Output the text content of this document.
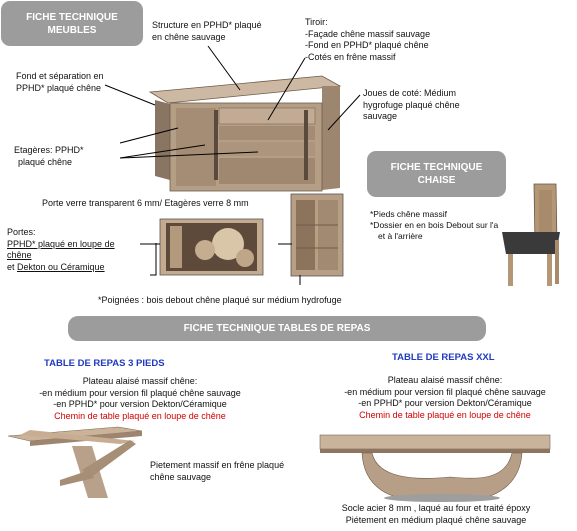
FICHE TECHNIQUE
MEUBLES
FICHE TECHNIQUE
CHAISE
FICHE TECHNIQUE TABLES DE REPAS
Structure en PPHD* plaqué
en chêne sauvage
Tiroir:
-Façade chêne massif sauvage
-Fond en PPHD* plaqué chêne
-Cotés en frêne massif
Fond et séparation en
PPHD* plaqué chêne
Joues de coté: Médium
hygrofuge plaqué chêne
sauvage
Etagères: PPHD*
plaqué chêne
Porte verre transparent 6 mm/ Etagères verre 8 mm
Portes:
PPHD* plaqué en loupe de
chêne
et Dekton ou Céramique
*Poignées : bois debout chêne plaqué sur médium hydrofuge
*Pieds chêne massif
*Dossier en en bois Debout sur l'a
et à l'arrière
TABLE DE REPAS 3 PIEDS
Plateau alaisé massif chêne:
-en médium pour version fil plaqué chêne sauvage
-en PPHD* pour version Dekton/Céramique
Chemin de table plaqué en loupe de chêne
Pietement massif en frêne plaqué
chêne sauvage
TABLE DE REPAS XXL
Plateau alaisé massif chêne:
-en médium pour version fil plaqué chêne sauvage
-en PPHD* pour version Dekton/Céramique
Chemin de table plaqué en loupe de chêne
Socle acier 8 mm , laqué au four et traité époxy
Piétement en médium plaqué chêne sauvage
